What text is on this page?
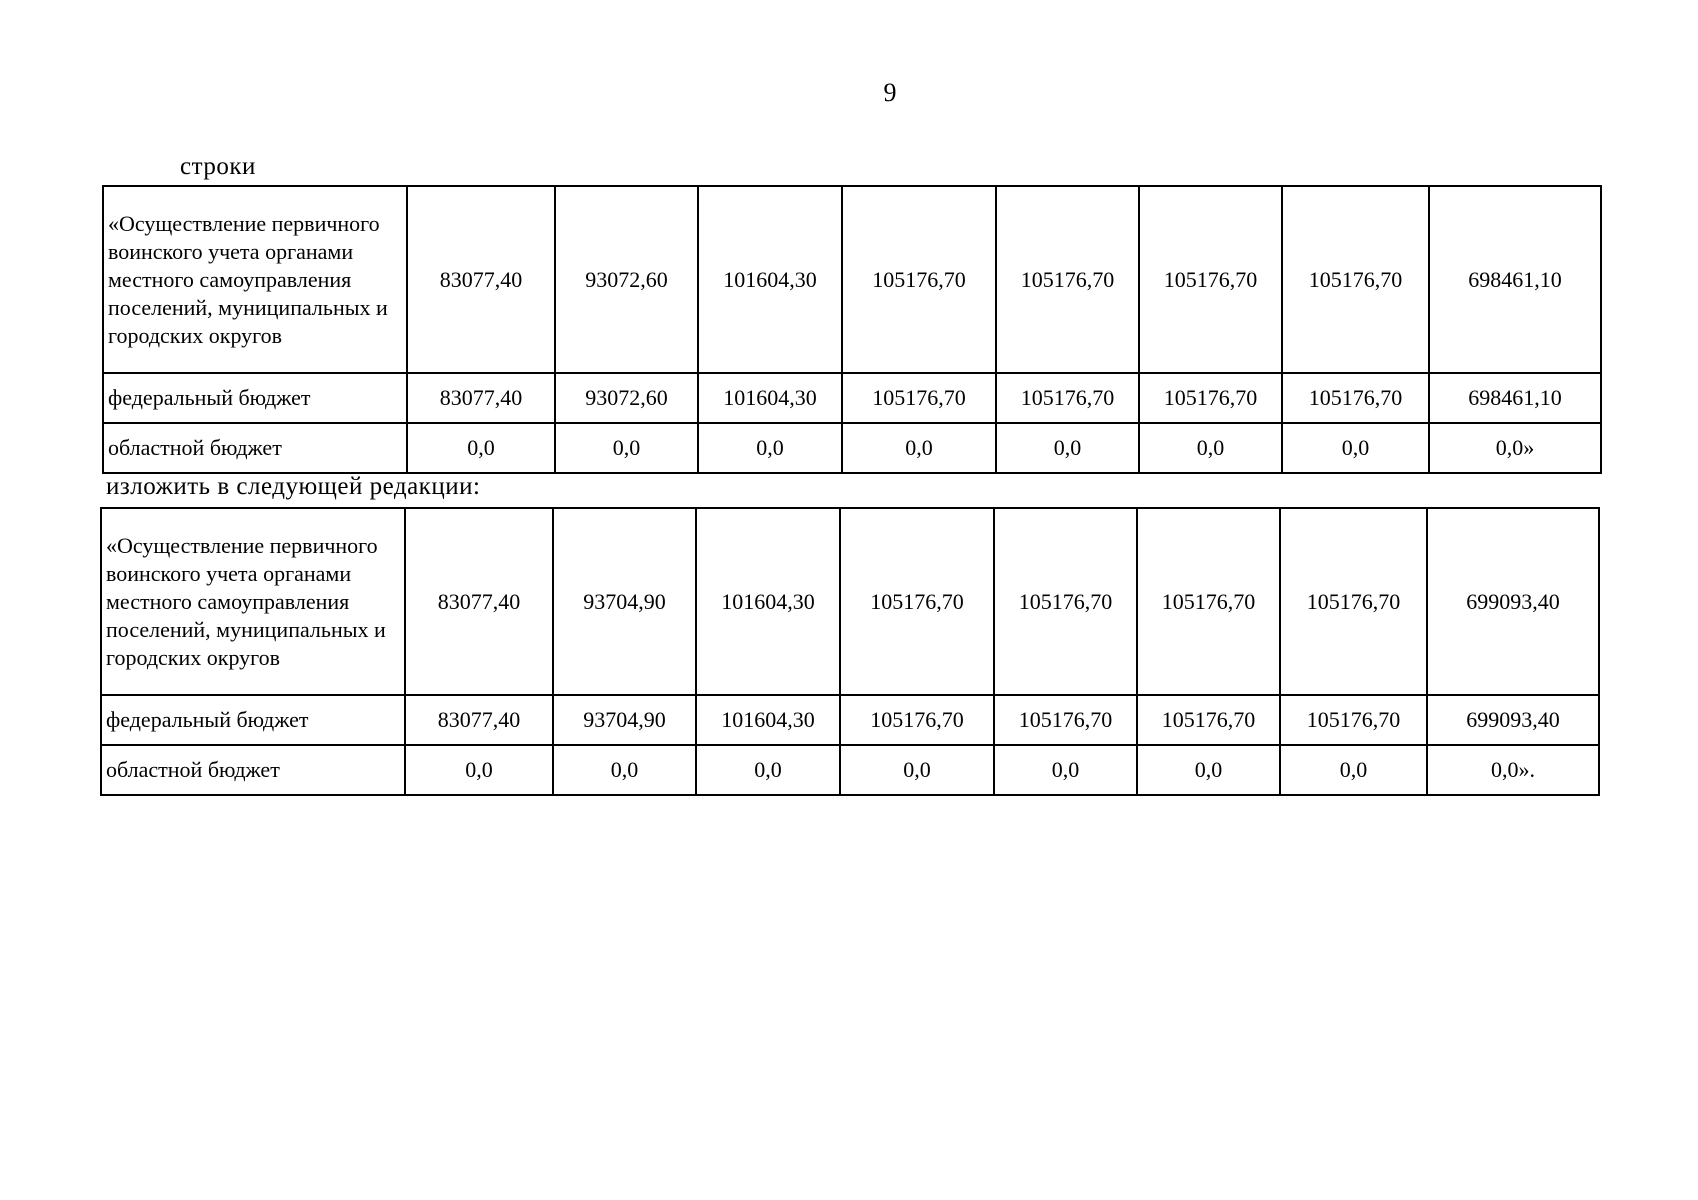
9
строки
«Осуществление первичного воинского учета органами местного самоуправления поселений, муниципальных и городских округов	83077,40	93072,60	101604,30	105176,70	105176,70	105176,70	105176,70	698461,10
федеральный бюджет	83077,40	93072,60	101604,30	105176,70	105176,70	105176,70	105176,70	698461,10
областной бюджет	0,0	0,0	0,0	0,0	0,0	0,0	0,0	0,0»
изложить в следующей редакции:
«Осуществление первичного воинского учета органами местного самоуправления поселений, муниципальных и городских округов	83077,40	93704,90	101604,30	105176,70	105176,70	105176,70	105176,70	699093,40
федеральный бюджет	83077,40	93704,90	101604,30	105176,70	105176,70	105176,70	105176,70	699093,40
областной бюджет	0,0	0,0	0,0	0,0	0,0	0,0	0,0	0,0».
